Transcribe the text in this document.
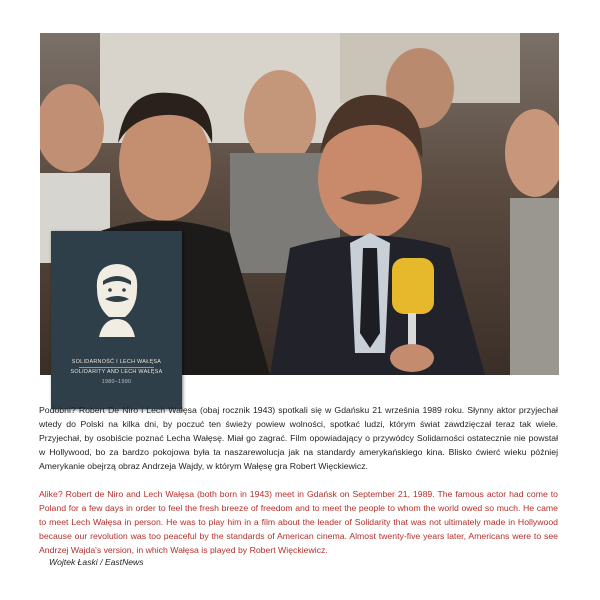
SOLIDARNOŚĆ I LECH WAŁĘSA
SOLIDARITY AND LECH WAŁĘSA
1980–1990
Podobni? Robert De Niro i Lech Wałęsa (obaj rocznik 1943) spotkali się w Gdańsku 21 września 1989 roku. Słynny aktor przyjechał wtedy do Polski na kilka dni, by poczuć ten świeży powiew wolności, spotkać ludzi, którym świat zawdzięczał teraz tak wiele. Przyjechał, by osobiście poznać Lecha Wałęsę. Miał go zagrać. Film opowiadający o przywódcy Solidarności ostatecznie nie powstał w Hollywood, bo za bardzo pokojowa była ta naszarewolucja jak na standardy amerykańskiego kina. Blisko ćwierć wieku później Amerykanie obejrzą obraz Andrzeja Wajdy, w którym Wałęsę gra Robert Więckiewicz.
Alike? Robert de Niro and Lech Wałęsa (both born in 1943) meet in Gdańsk on September 21, 1989. The famous actor had come to Poland for a few days in order to feel the fresh breeze of freedom and to meet the people to whom the world owed so much. He came to meet Lech Wałęsa in person. He was to play him in a film about the leader of Solidarity that was not ultimately made in Hollywood because our revolution was too peaceful by the standards of American cinema. Almost twenty-five years later, Americans were to see Andrzej Wajda's version, in which Wałęsa is played by Robert Więckiewicz.
Wojtek Łaski / EastNews
